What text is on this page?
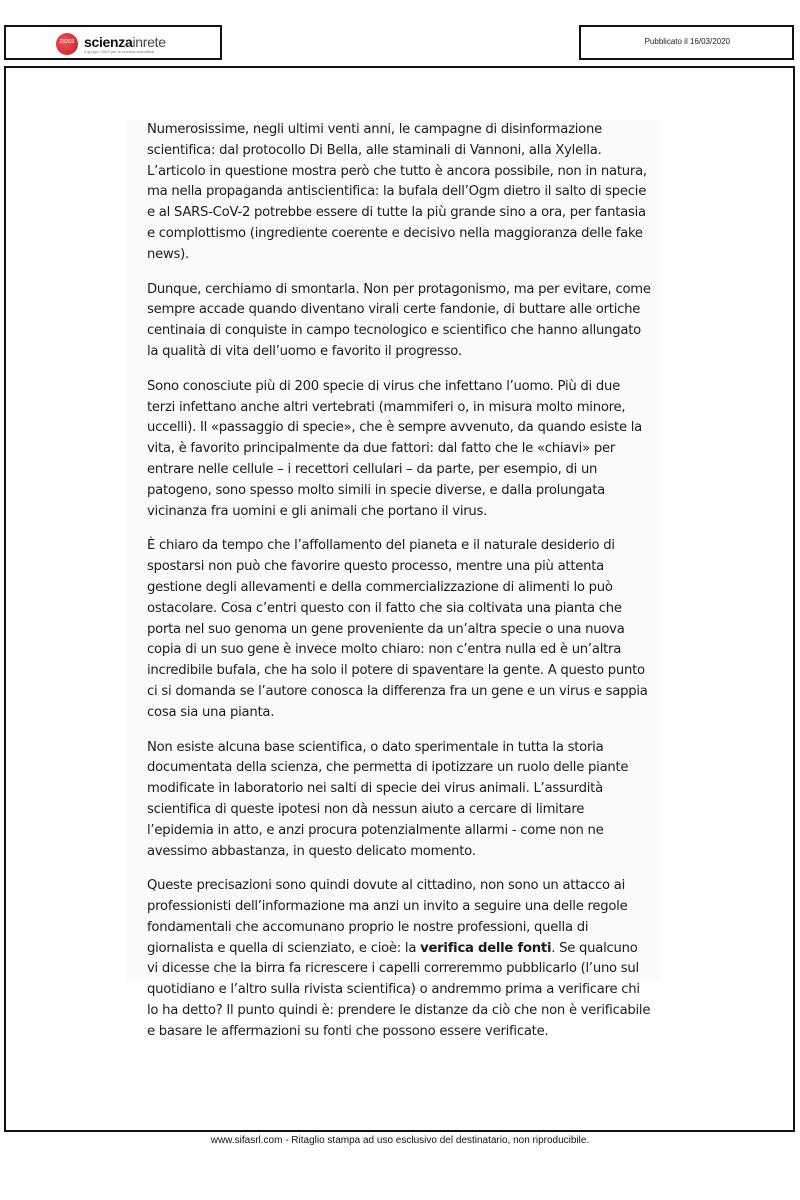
ZIOSS scienzainrete
Il gruppo 2003 per la scienza scientifica
Pubblicato il 16/03/2020

Numerosissime, negli ultimi venti anni, le campagne di disinformazione scientifica: dal protocollo Di Bella, alle staminali di Vannoni, alla Xylella. L’articolo in questione mostra però che tutto è ancora possibile, non in natura, ma nella propaganda antiscientifica: la bufala dell’Ogm dietro il salto di specie e al SARS-CoV-2 potrebbe essere di tutte la più grande sino a ora, per fantasia e complottismo (ingrediente coerente e decisivo nella maggioranza delle fake news).

Dunque, cerchiamo di smontarla. Non per protagonismo, ma per evitare, come sempre accade quando diventano virali certe fandonie, di buttare alle ortiche centinaia di conquiste in campo tecnologico e scientifico che hanno allungato la qualità di vita dell’uomo e favorito il progresso.

Sono conosciute più di 200 specie di virus che infettano l’uomo. Più di due terzi infettano anche altri vertebrati (mammiferi o, in misura molto minore, uccelli). Il «passaggio di specie», che è sempre avvenuto, da quando esiste la vita, è favorito principalmente da due fattori: dal fatto che le «chiavi» per entrare nelle cellule – i recettori cellulari – da parte, per esempio, di un patogeno, sono spesso molto simili in specie diverse, e dalla prolungata vicinanza fra uomini e gli animali che portano il virus.

È chiaro da tempo che l’affollamento del pianeta e il naturale desiderio di spostarsi non può che favorire questo processo, mentre una più attenta gestione degli allevamenti e della commercializzazione di alimenti lo può ostacolare. Cosa c’entri questo con il fatto che sia coltivata una pianta che porta nel suo genoma un gene proveniente da un’altra specie o una nuova copia di un suo gene è invece molto chiaro: non c’entra nulla ed è un’altra incredibile bufala, che ha solo il potere di spaventare la gente. A questo punto ci si domanda se l’autore conosca la differenza fra un gene e un virus e sappia cosa sia una pianta.

Non esiste alcuna base scientifica, o dato sperimentale in tutta la storia documentata della scienza, che permetta di ipotizzare un ruolo delle piante modificate in laboratorio nei salti di specie dei virus animali. L’assurdità scientifica di queste ipotesi non dà nessun aiuto a cercare di limitare l’epidemia in atto, e anzi procura potenzialmente allarmi - come non ne avessimo abbastanza, in questo delicato momento.

Queste precisazioni sono quindi dovute al cittadino, non sono un attacco ai professionisti dell’informazione ma anzi un invito a seguire una delle regole fondamentali che accomunano proprio le nostre professioni, quella di giornalista e quella di scienziato, e cioè: la verifica delle fonti. Se qualcuno vi dicesse che la birra fa ricrescere i capelli correremmo pubblicarlo (l’uno sul quotidiano e l’altro sulla rivista scientifica) o andremmo prima a verificare chi lo ha detto? Il punto quindi è: prendere le distanze da ciò che non è verificabile e basare le affermazioni su fonti che possono essere verificate.

www.sifasrl.com - Ritaglio stampa ad uso esclusivo del destinatario, non riproducibile.
